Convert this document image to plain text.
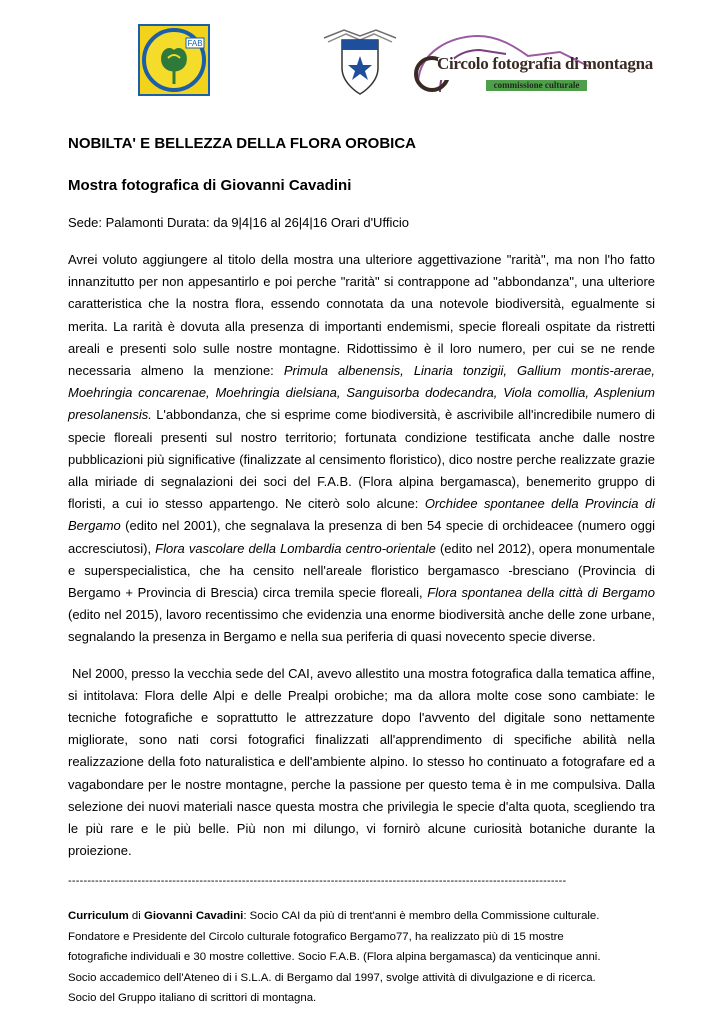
FAB
commissione culturale
Circolo fotografia di montagna
NOBILTA' E BELLEZZA DELLA FLORA OROBICA
Mostra fotografica di Giovanni Cavadini
Sede: Palamonti Durata: da 9|4|16 al 26|4|16 Orari d'Ufficio

Avrei voluto aggiungere al titolo della mostra una ulteriore aggettivazione "rarità", ma non l'ho fatto innanzitutto per non appesantirlo e poi perche "rarità" si contrappone ad "abbondanza", una ulteriore caratteristica che la nostra flora, essendo connotata da una notevole biodiversità, egualmente si merita. La rarità è dovuta alla presenza di importanti endemismi, specie floreali ospitate da ristretti areali e presenti solo sulle nostre montagne. Ridottissimo è il loro numero, per cui se ne rende necessaria almeno la menzione: Primula albenensis, Linaria tonzigii, Gallium montis-arerae, Moehringia concarenae, Moehringia dielsiana, Sanguisorba dodecandra, Viola comollia, Asplenium presolanensis. L'abbondanza, che si esprime come biodiversità, è ascrivibile all'incredibile numero di specie floreali presenti sul nostro territorio; fortunata condizione testificata anche dalle nostre pubblicazioni più significative (finalizzate al censimento floristico), dico nostre perche realizzate grazie alla miriade di segnalazioni dei soci del F.A.B. (Flora alpina bergamasca), benemerito gruppo di floristi, a cui io stesso appartengo. Ne citerò solo alcune: Orchidee spontanee della Provincia di Bergamo (edito nel 2001), che segnalava la presenza di ben 54 specie di orchideacee (numero oggi accresciutosi), Flora vascolare della Lombardia centro-orientale (edito nel 2012), opera monumentale e superspecialistica, che ha censito nell'areale floristico bergamasco -bresciano (Provincia di Bergamo + Provincia di Brescia) circa tremila specie floreali, Flora spontanea della città di Bergamo (edito nel 2015), lavoro recentissimo che evidenzia una enorme biodiversità anche delle zone urbane, segnalando la presenza in Bergamo e nella sua periferia di quasi novecento specie diverse.

Nel 2000, presso la vecchia sede del CAI, avevo allestito una mostra fotografica dalla tematica affine, si intitolava: Flora delle Alpi e delle Prealpi orobiche; ma da allora molte cose sono cambiate: le tecniche fotografiche e soprattutto le attrezzature dopo l'avvento del digitale sono nettamente migliorate, sono nati corsi fotografici finalizzati all'apprendimento di specifiche abilità nella realizzazione della foto naturalistica e dell'ambiente alpino. Io stesso ho continuato a fotografare ed a vagabondare per le nostre montagne, perche la passione per questo tema è in me compulsiva. Dalla selezione dei nuovi materiali nasce questa mostra che privilegia le specie d'alta quota, scegliendo tra le più rare e le più belle. Più non mi dilungo, vi fornirò alcune curiosità botaniche durante la proiezione.

---------------------------------------------------------------------------------------------------------------------------------

Curriculum di Giovanni Cavadini: Socio CAI da più di trent'anni è membro della Commissione culturale.

Fondatore e Presidente del Circolo culturale fotografico Bergamo77, ha realizzato più di 15 mostre

fotografiche individuali e 30 mostre collettive. Socio F.A.B. (Flora alpina bergamasca) da venticinque anni.

Socio accademico dell'Ateneo di i S.L.A. di Bergamo dal 1997, svolge attività di divulgazione e di ricerca.

Socio del Gruppo italiano di scrittori di montagna.
